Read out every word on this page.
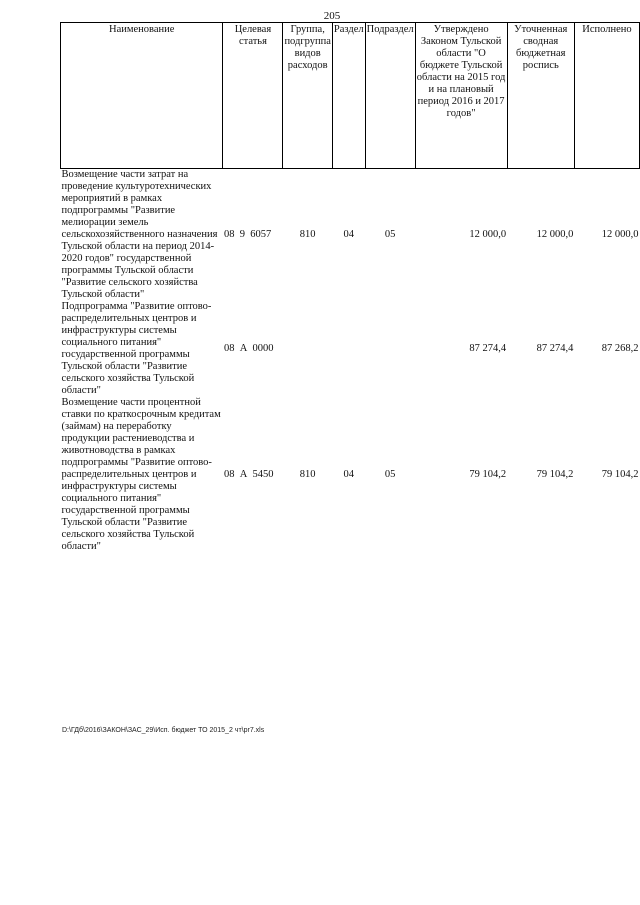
205
Наименование	Целевая статья	Группа, подгруппа видов расходов	Раздел	Подраздел	Утверждено Законом Тульской области "О бюджете Тульской области на 2015 год и на плановый период 2016 и 2017 годов"	Уточненная сводная бюджетная роспись	Исполнено
Возмещение части затрат на проведение культуротехнических мероприятий в рамках подпрограммы "Развитие мелиорации земель сельскохозяйственного назначения Тульской области на период 2014-2020 годов" государственной программы Тульской области "Развитие сельского хозяйства Тульской области"	08  9  6057	810	04	05	12 000,0	12 000,0	12 000,0
Подпрограмма "Развитие оптово-распределительных центров и инфраструктуры системы социального питания" государственной программы Тульской области "Развитие сельского хозяйства Тульской области"	08  А  0000				87 274,4	87 274,4	87 268,2
Возмещение части процентной ставки по краткосрочным кредитам (займам) на переработку продукции растениеводства и животноводства в рамках подпрограммы "Развитие оптово-распределительных центров и инфраструктуры системы социального питания" государственной программы Тульской области "Развитие сельского хозяйства Тульской области"	08  А  5450	810	04	05	79 104,2	79 104,2	79 104,2
D:\ГДб\2016\ЗАКОН\ЗАС_29\Исп. бюджет ТО 2015_2 чт\pr7.xls
